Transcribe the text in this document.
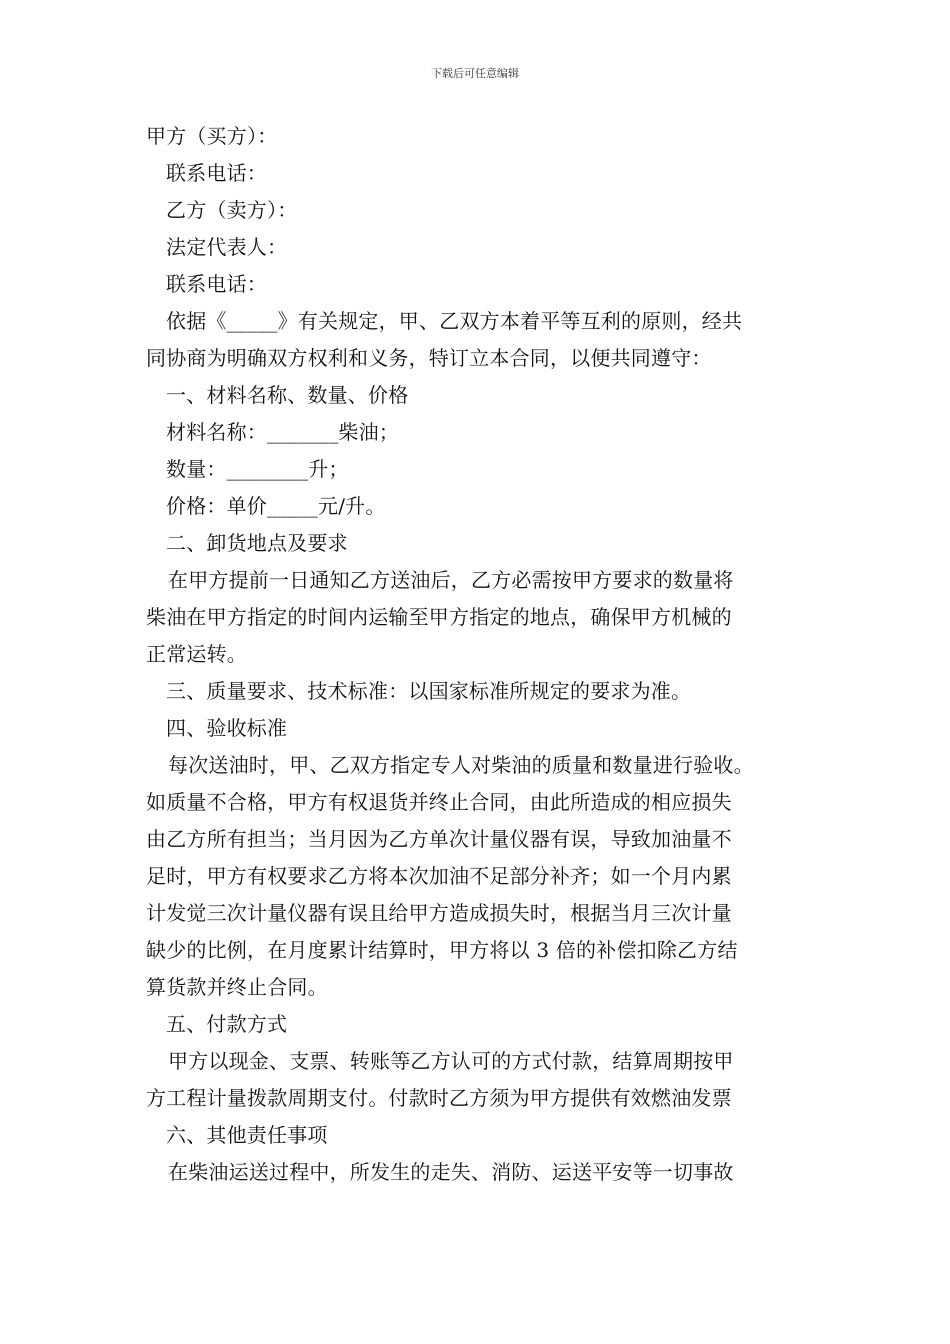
下载后可任意编辑
甲方（买方）：
联系电话：
乙方（卖方）：
法定代表人：
联系电话：
依据《_____》有关规定，甲、乙双方本着平等互利的原则，经共
同协商为明确双方权利和义务，特订立本合同，以便共同遵守：
一、材料名称、数量、价格
材料名称：_______柴油；
数量：________升；
价格：单价_____元/升。
二、卸货地点及要求
在甲方提前一日通知乙方送油后，乙方必需按甲方要求的数量将
柴油在甲方指定的时间内运输至甲方指定的地点，确保甲方机械的
正常运转。
三、质量要求、技术标准：以国家标准所规定的要求为准。
四、验收标准
每次送油时，甲、乙双方指定专人对柴油的质量和数量进行验收。
如质量不合格，甲方有权退货并终止合同，由此所造成的相应损失
由乙方所有担当；当月因为乙方单次计量仪器有误，导致加油量不
足时，甲方有权要求乙方将本次加油不足部分补齐；如一个月内累
计发觉三次计量仪器有误且给甲方造成损失时，根据当月三次计量
缺少的比例，在月度累计结算时，甲方将以 3 倍的补偿扣除乙方结
算货款并终止合同。
五、付款方式
甲方以现金、支票、转账等乙方认可的方式付款，结算周期按甲
方工程计量拨款周期支付。付款时乙方须为甲方提供有效燃油发票
六、其他责任事项
在柴油运送过程中，所发生的走失、消防、运送平安等一切事故
